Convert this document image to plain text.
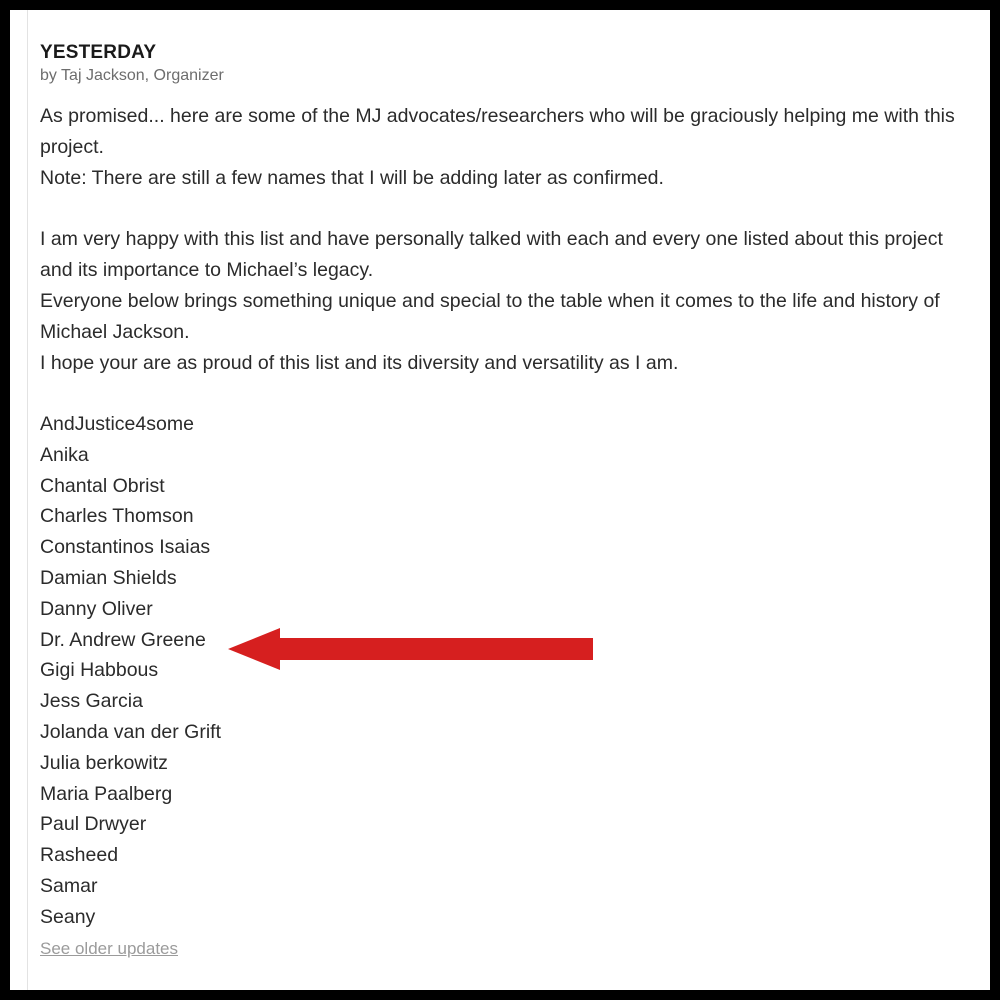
YESTERDAY
by Taj Jackson, Organizer
As promised... here are some of the MJ advocates/researchers who will be graciously helping me with this project.
Note: There are still a few names that I will be adding later as confirmed.
I am very happy with this list and have personally talked with each and every one listed about this project and its importance to Michael’s legacy.
Everyone below brings something unique and special to the table when it comes to the life and history of Michael Jackson.
I hope your are as proud of this list and its diversity and versatility as I am.
AndJustice4some
Anika
Chantal Obrist
Charles Thomson
Constantinos Isaias
Damian Shields
Danny Oliver
Dr. Andrew Greene
Gigi Habbous
Jess Garcia
Jolanda van der Grift
Julia berkowitz
Maria Paalberg
Paul Drwyer
Rasheed
Samar
Seany
See older updates
